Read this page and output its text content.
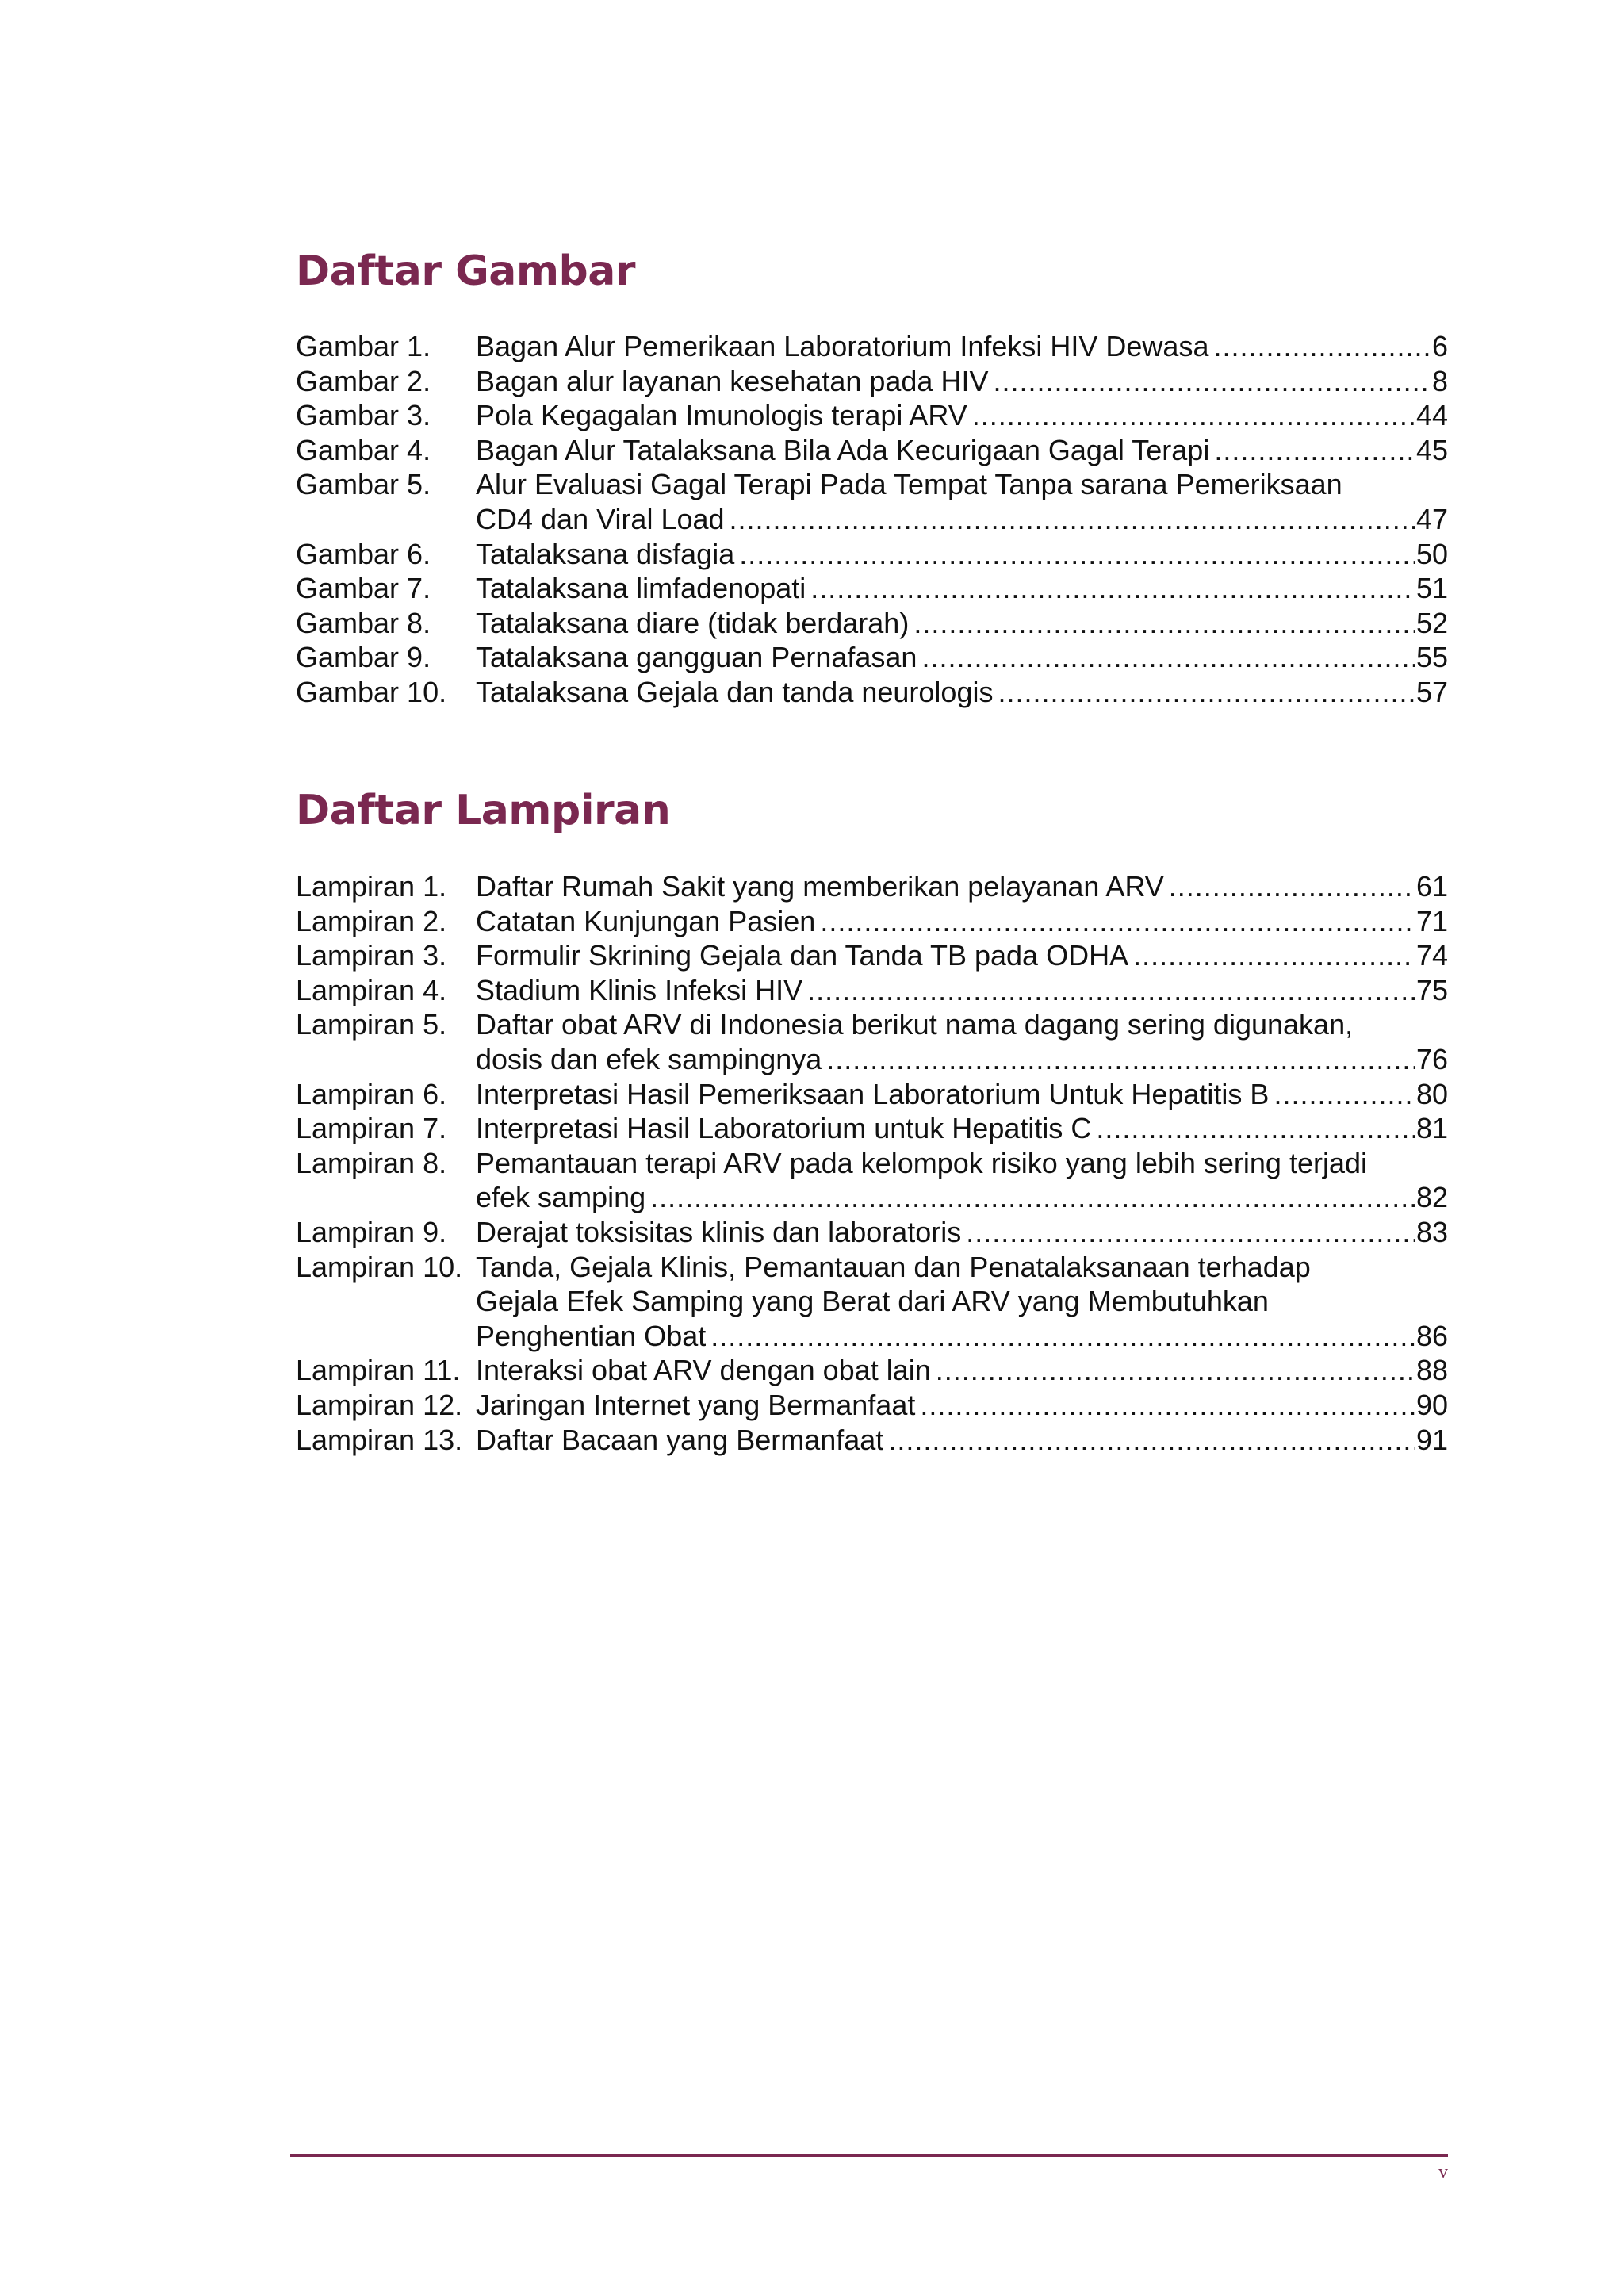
Daftar Gambar
Gambar 1.	Bagan Alur Pemerikaan Laboratorium Infeksi HIV Dewasa .....	6
Gambar 2.	Bagan alur layanan kesehatan pada HIV .....	8
Gambar 3.	Pola Kegagalan Imunologis terapi ARV .....	44
Gambar 4.	Bagan Alur Tatalaksana Bila Ada Kecurigaan Gagal Terapi .....	45
Gambar 5.	Alur Evaluasi Gagal Terapi Pada Tempat Tanpa sarana Pemeriksaan
CD4 dan Viral Load .....	47
Gambar 6.	Tatalaksana disfagia .....	50
Gambar 7.	Tatalaksana limfadenopati .....	51
Gambar 8.	Tatalaksana diare (tidak berdarah) .....	52
Gambar 9.	Tatalaksana gangguan Pernafasan .....	55
Gambar 10.	Tatalaksana Gejala dan tanda neurologis .....	57
Daftar Lampiran
Lampiran 1.	Daftar Rumah Sakit yang memberikan pelayanan ARV .....	61
Lampiran 2.	Catatan Kunjungan Pasien .....	71
Lampiran 3.	Formulir Skrining Gejala dan Tanda TB pada ODHA .....	74
Lampiran 4.	Stadium Klinis Infeksi HIV .....	75
Lampiran 5.	Daftar obat ARV di Indonesia berikut nama dagang sering digunakan,
dosis dan efek sampingnya .....	76
Lampiran 6.	Interpretasi Hasil Pemeriksaan Laboratorium Untuk Hepatitis B .....	80
Lampiran 7.	Interpretasi Hasil Laboratorium untuk Hepatitis C .....	81
Lampiran 8.	Pemantauan terapi ARV pada kelompok risiko yang lebih sering terjadi
efek samping .....	82
Lampiran 9.	Derajat toksisitas klinis dan laboratoris .....	83
Lampiran 10. Tanda, Gejala Klinis, Pemantauan dan Penatalaksanaan terhadap
Gejala Efek Samping yang Berat dari ARV yang Membutuhkan
Penghentian Obat .....	86
Lampiran 11. Interaksi obat ARV dengan obat lain .....	88
Lampiran 12. Jaringan Internet yang Bermanfaat .....	90
Lampiran 13. Daftar Bacaan yang Bermanfaat .....	91
v
